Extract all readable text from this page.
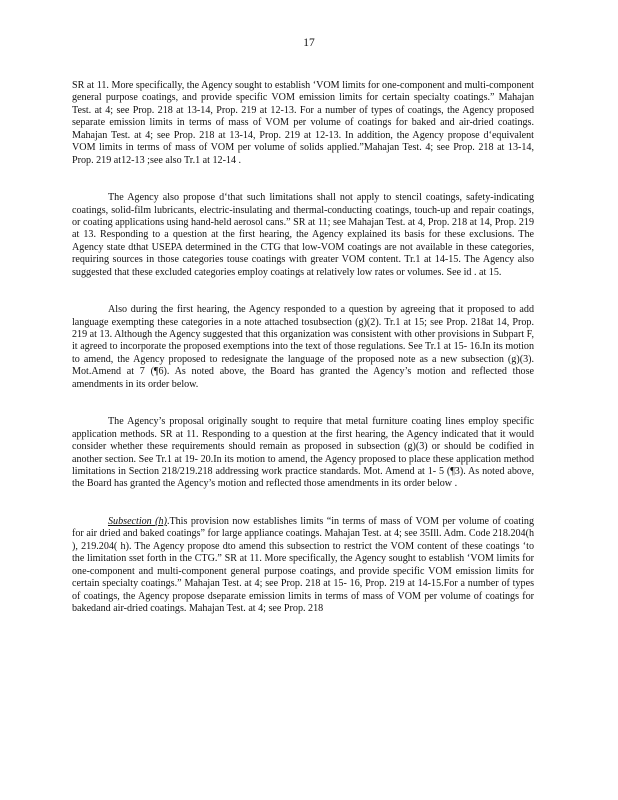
17

SR at 11. More specifically, the Agency sought to establish ‘VOM limits for one-component and multi-component general purpose coatings, and provide specific VOM emission limits for certain specialty coatings.” Mahajan Test. at 4; see Prop. 218 at 13-14, Prop. 219 at 12-13. For a number of types of coatings, the Agency proposed separate emission limits in terms of mass of VOM per volume of coatings for baked and air-dried coatings. Mahajan Test. at 4; see Prop. 218 at 13-14, Prop. 219 at 12-13. In addition, the Agency propose d‘equivalent VOM limits in terms of mass of VOM per volume of solids applied.”Mahajan Test. 4; see Prop. 218 at 13-14, Prop. 219 at12-13 ;see also Tr.1 at 12-14 .

The Agency also propose d‘that such limitations shall not apply to stencil coatings, safety-indicating coatings, solid-film lubricants, electric-insulating and thermal-conducting coatings, touch-up and repair coatings, or coating applications using hand-held aerosol cans.” SR at 11; see Mahajan Test. at 4, Prop. 218 at 14, Prop. 219 at 13. Responding to a question at the first hearing, the Agency explained its basis for these exclusions. The Agency state dthat USEPA determined in the CTG that low-VOM coatings are not available in these categories, requiring sources in those categories touse coatings with greater VOM content. Tr.1 at 14-15. The Agency also suggested that these excluded categories employ coatings at relatively low rates or volumes. See id . at 15.

Also during the first hearing, the Agency responded to a question by agreeing that it proposed to add language exempting these categories in a note attached tosubsection (g)(2). Tr.1 at 15; see Prop. 218at 14, Prop. 219 at 13. Although the Agency suggested that this organization was consistent with other provisions in Subpart F, it agreed to incorporate the proposed exemptions into the text of those regulations. See Tr.1 at 15- 16.In its motion to amend, the Agency proposed to redesignate the language of the proposed note as a new subsection (g)(3). Mot.Amend at 7 (¶6). As noted above, the Board has granted the Agency’s motion and reflected those amendments in its order below.

The Agency’s proposal originally sought to require that metal furniture coating lines employ specific application methods. SR at 11. Responding to a question at the first hearing, the Agency indicated that it would consider whether these requirements should remain as proposed in subsection (g)(3) or should be codified in another section. See Tr.1 at 19- 20.In its motion to amend, the Agency proposed to place these application method limitations in Section 218/219.218 addressing work practice standards. Mot. Amend at 1- 5 (¶3). As noted above, the Board has granted the Agency’s motion and reflected those amendments in its order below .

Subsection (h).This provision now establishes limits “in terms of mass of VOM per volume of coating for air dried and baked coatings” for large appliance coatings. Mahajan Test. at 4; see 35Ill. Adm. Code 218.204(h ), 219.204( h). The Agency propose dto amend this subsection to restrict the VOM content of these coatings ‘to the limitation sset forth in the CTG.” SR at 11. More specifically, the Agency sought to establish ‘VOM limits for one-component and multi-component general purpose coatings, and provide specific VOM emission limits for certain specialty coatings.” Mahajan Test. at 4; see Prop. 218 at 15- 16, Prop. 219 at 14-15.For a number of types of coatings, the Agency propose dseparate emission limits in terms of mass of VOM per volume of coatings for bakedand air-dried coatings. Mahajan Test. at 4; see Prop. 218
